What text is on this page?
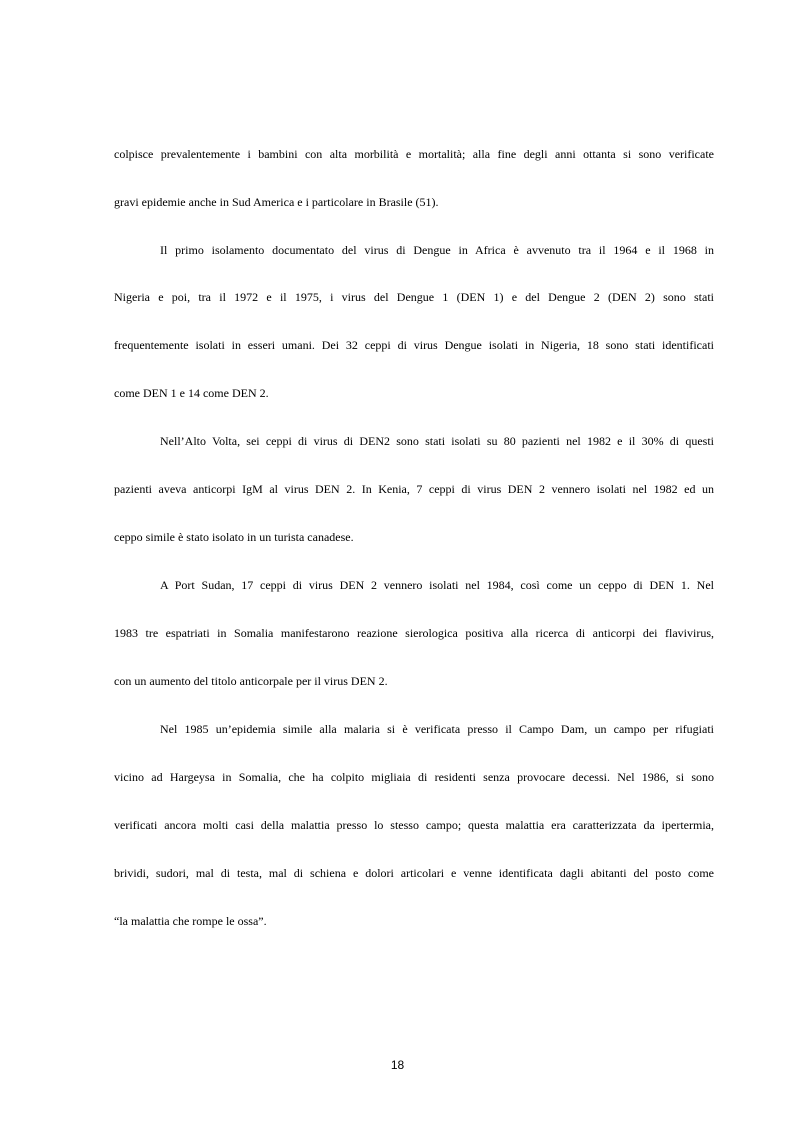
colpisce prevalentemente i bambini con alta morbilità e mortalità; alla fine degli anni ottanta si sono verificate
gravi epidemie anche in Sud America e i particolare in Brasile (51).
Il primo isolamento documentato del virus di Dengue in Africa è avvenuto tra il 1964 e il 1968 in
Nigeria e poi, tra il 1972 e il 1975, i virus del Dengue 1 (DEN 1) e del Dengue 2 (DEN 2) sono stati
frequentemente isolati in esseri umani. Dei 32 ceppi di virus Dengue isolati in Nigeria, 18 sono stati identificati
come DEN 1 e 14 come DEN 2.
Nell’Alto Volta, sei ceppi di virus di DEN2 sono stati isolati su 80 pazienti nel 1982 e il 30% di questi
pazienti aveva anticorpi IgM al virus DEN 2. In Kenia, 7 ceppi di virus DEN 2 vennero isolati nel 1982 ed un
ceppo simile è stato isolato in un turista canadese.
A Port Sudan, 17 ceppi di virus DEN 2 vennero isolati nel 1984, così come un ceppo di DEN 1. Nel
1983 tre espatriati in Somalia manifestarono reazione sierologica positiva alla ricerca di anticorpi dei flavivirus,
con un aumento del titolo anticorpale per il virus DEN 2.
Nel 1985 un’epidemia simile alla malaria si è verificata presso il Campo Dam, un campo per rifugiati
vicino ad Hargeysa in Somalia, che ha colpito migliaia di residenti senza provocare decessi. Nel 1986, si sono
verificati ancora molti casi della malattia presso lo stesso campo; questa malattia era caratterizzata da ipertermia,
brividi, sudori, mal di testa, mal di schiena e dolori articolari e venne identificata dagli abitanti del posto come
“la malattia che rompe le ossa”.
18
